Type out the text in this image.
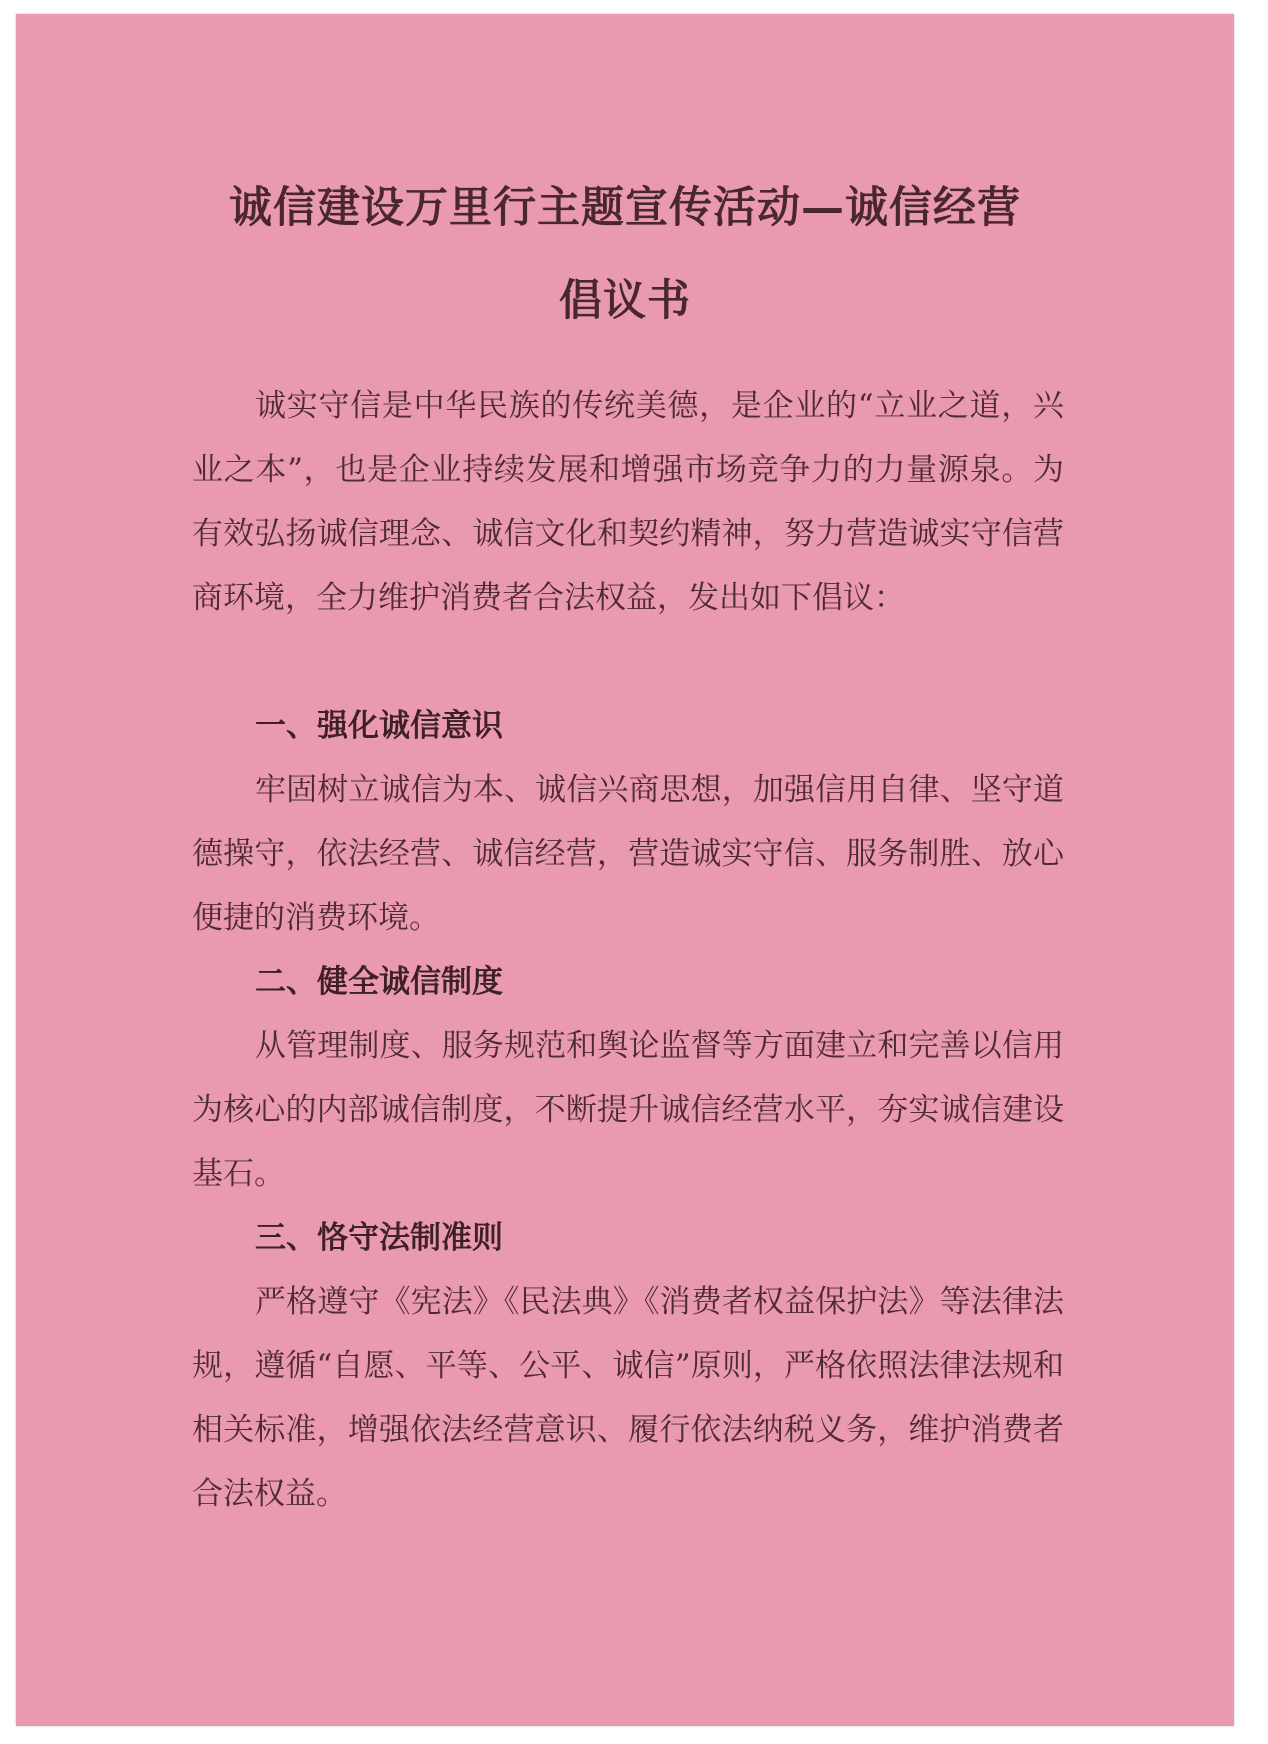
诚信建设万里行主题宣传活动—诚信经营
倡议书

诚实守信是中华民族的传统美德，是企业的“立业之道，兴业之本”，也是企业持续发展和增强市场竞争力的力量源泉。为有效弘扬诚信理念、诚信文化和契约精神，努力营造诚实守信营商环境，全力维护消费者合法权益，发出如下倡议：

一、强化诚信意识

牢固树立诚信为本、诚信兴商思想，加强信用自律、坚守道德操守，依法经营、诚信经营，营造诚实守信、服务制胜、放心便捷的消费环境。

二、健全诚信制度

从管理制度、服务规范和舆论监督等方面建立和完善以信用为核心的内部诚信制度，不断提升诚信经营水平，夯实诚信建设基石。

三、恪守法制准则

严格遵守《宪法》《民法典》《消费者权益保护法》等法律法规，遵循“自愿、平等、公平、诚信”原则，严格依照法律法规和相关标准，增强依法经营意识、履行依法纳税义务，维护消费者合法权益。
